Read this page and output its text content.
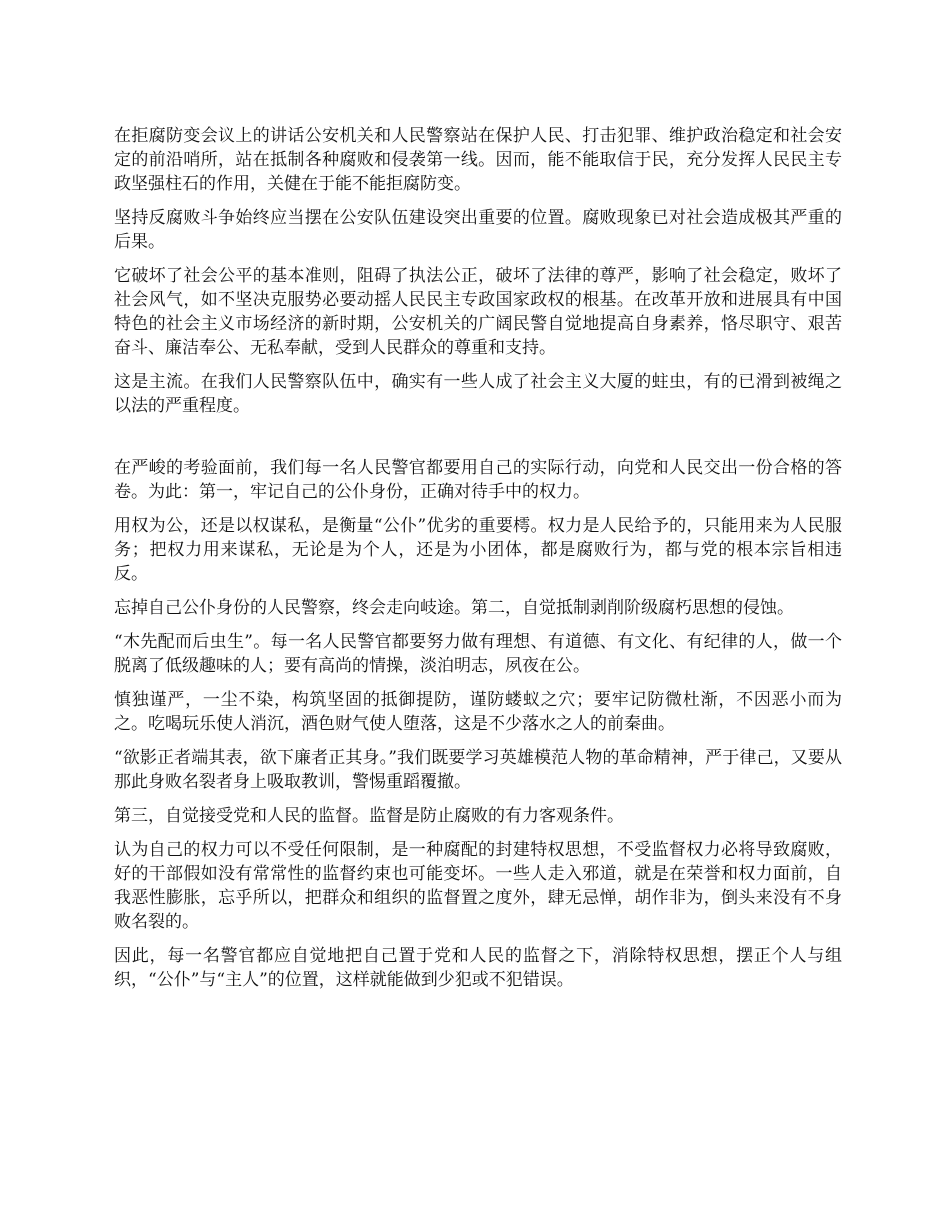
在拒腐防变会议上的讲话公安机关和人民警察站在保护人民、打击犯罪、维护政治稳定和社会安定的前沿哨所，站在抵制各种腐败和侵袭第一线。因而，能不能取信于民，充分发挥人民民主专政坚强柱石的作用，关健在于能不能拒腐防变。

坚持反腐败斗争始终应当摆在公安队伍建设突出重要的位置。腐败现象已对社会造成极其严重的后果。

它破坏了社会公平的基本准则，阻碍了执法公正，破坏了法律的尊严，影响了社会稳定，败坏了社会风气，如不坚决克服势必要动摇人民民主专政国家政权的根基。在改革开放和进展具有中国特色的社会主义市场经济的新时期，公安机关的广阔民警自觉地提高自身素养，恪尽职守、艰苦奋斗、廉洁奉公、无私奉献，受到人民群众的尊重和支持。

这是主流。在我们人民警察队伍中，确实有一些人成了社会主义大厦的蛀虫，有的已滑到被绳之以法的严重程度。

在严峻的考验面前，我们每一名人民警官都要用自己的实际行动，向党和人民交出一份合格的答卷。为此：第一，牢记自己的公仆身份，正确对待手中的权力。

用权为公，还是以权谋私，是衡量“公仆”优劣的重要樗。权力是人民给予的，只能用来为人民服务；把权力用来谋私，无论是为个人，还是为小团体，都是腐败行为，都与党的根本宗旨相违反。

忘掉自己公仆身份的人民警察，终会走向岐途。第二，自觉抵制剥削阶级腐朽思想的侵蚀。

“木先配而后虫生”。每一名人民警官都要努力做有理想、有道德、有文化、有纪律的人，做一个脱离了低级趣味的人；要有高尚的情操，淡泊明志，夙夜在公。

慎独谨严，一尘不染，构筑坚固的抵御提防，谨防蝼蚁之穴；要牢记防微杜渐，不因恶小而为之。吃喝玩乐使人消沉，酒色财气使人堕落，这是不少落水之人的前秦曲。

“欲影正者端其表，欲下廉者正其身。”我们既要学习英雄模范人物的革命精神，严于律己，又要从那此身败名裂者身上吸取教训，警惕重蹈覆撤。

第三，自觉接受党和人民的监督。监督是防止腐败的有力客观条件。

认为自己的权力可以不受任何限制，是一种腐配的封建特权思想，不受监督权力必将导致腐败，好的干部假如没有常常性的监督约束也可能变坏。一些人走入邪道，就是在荣誉和权力面前，自我恶性膨胀，忘乎所以，把群众和组织的监督置之度外，肆无忌惮，胡作非为，倒头来没有不身败名裂的。

因此，每一名警官都应自觉地把自己置于党和人民的监督之下，消除特权思想，摆正个人与组织，“公仆”与“主人”的位置，这样就能做到少犯或不犯错误。
